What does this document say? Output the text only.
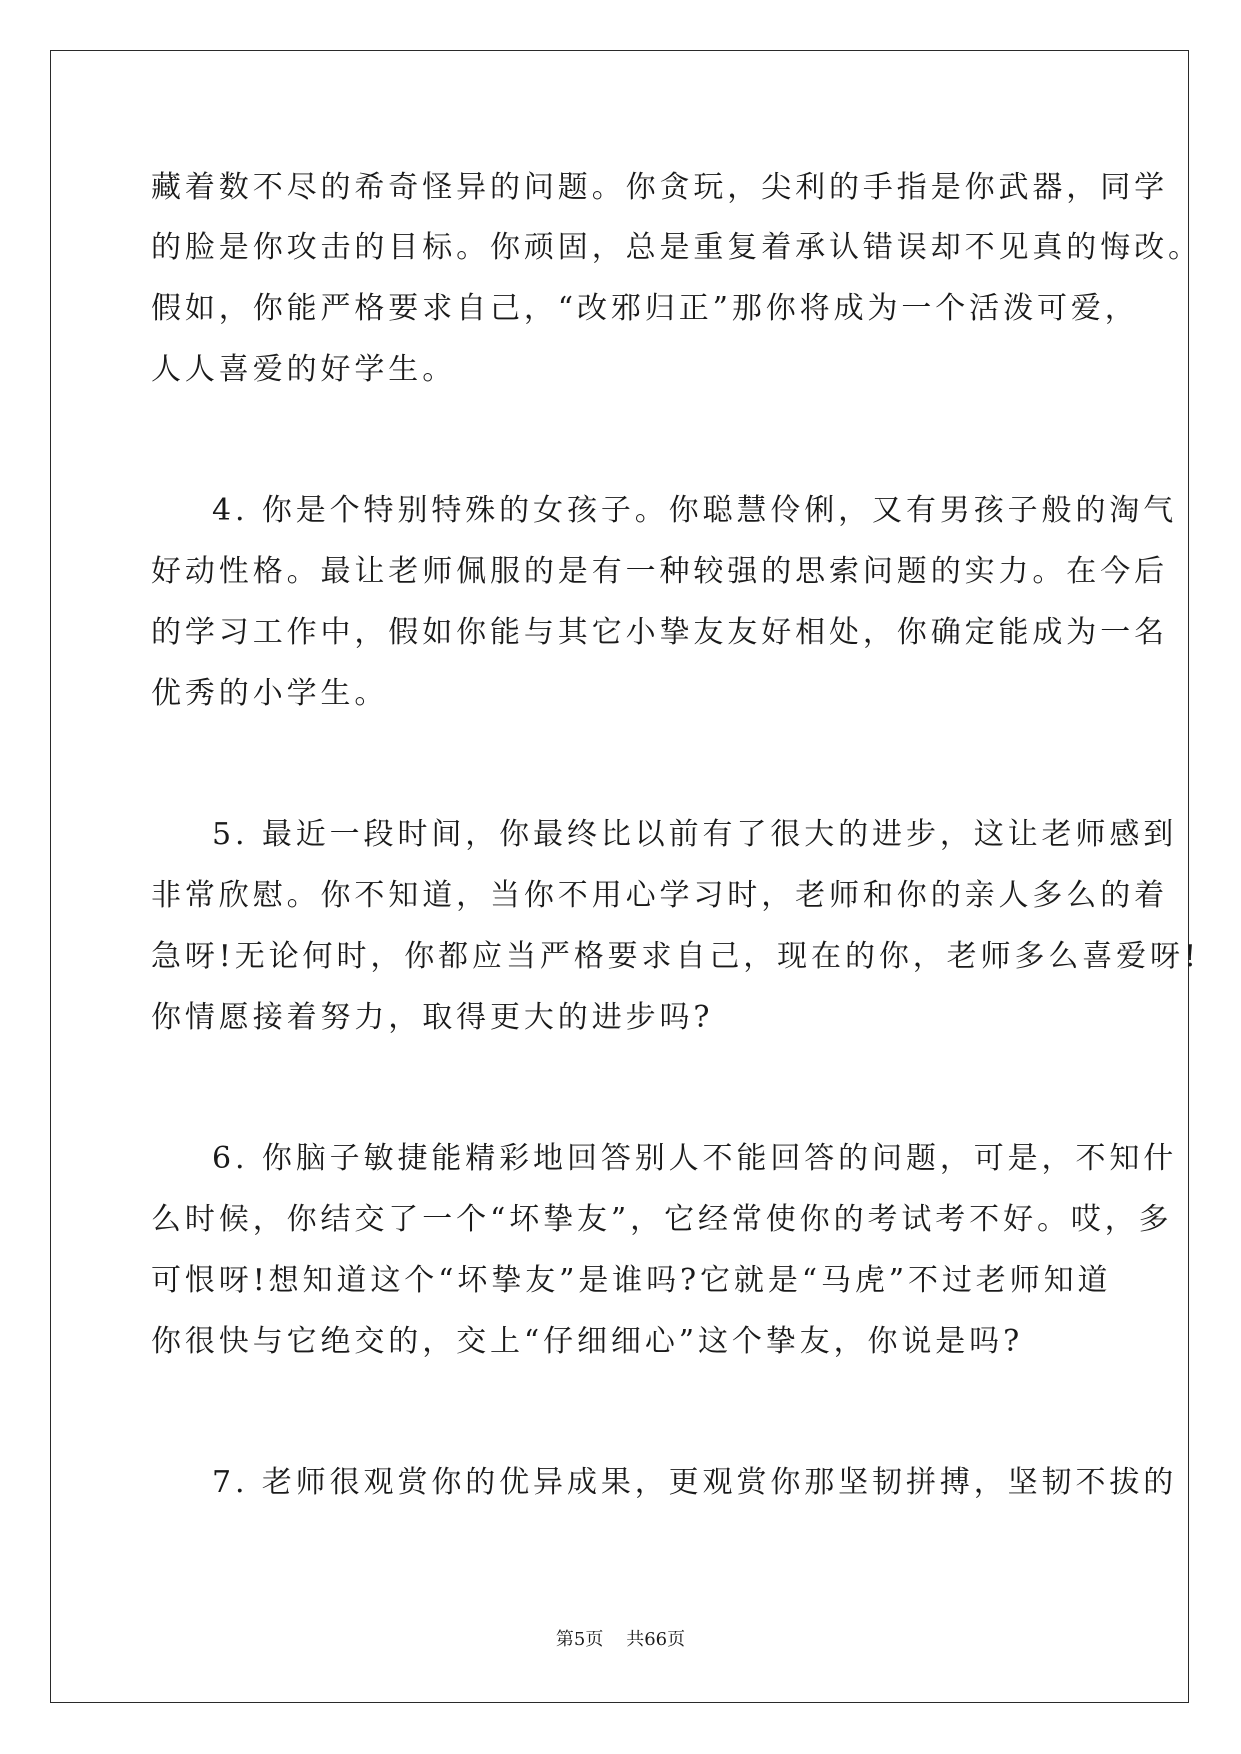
藏着数不尽的希奇怪异的问题。你贪玩，尖利的手指是你武器，同学
的脸是你攻击的目标。你顽固，总是重复着承认错误却不见真的悔改。
假如，你能严格要求自己，“改邪归正”那你将成为一个活泼可爱，
人人喜爱的好学生。
4. 你是个特别特殊的女孩子。你聪慧伶俐，又有男孩子般的淘气
好动性格。最让老师佩服的是有一种较强的思索问题的实力。在今后
的学习工作中，假如你能与其它小挚友友好相处，你确定能成为一名
优秀的小学生。
5. 最近一段时间，你最终比以前有了很大的进步，这让老师感到
非常欣慰。你不知道，当你不用心学习时，老师和你的亲人多么的着
急呀!无论何时，你都应当严格要求自己，现在的你，老师多么喜爱呀!
你情愿接着努力，取得更大的进步吗?
6. 你脑子敏捷能精彩地回答别人不能回答的问题，可是，不知什
么时候，你结交了一个“坏挚友”，它经常使你的考试考不好。哎，多
可恨呀!想知道这个“坏挚友”是谁吗?它就是“马虎”不过老师知道
你很快与它绝交的，交上“仔细细心”这个挚友，你说是吗?
7. 老师很观赏你的优异成果，更观赏你那坚韧拼搏，坚韧不拔的
第5页 共66页
